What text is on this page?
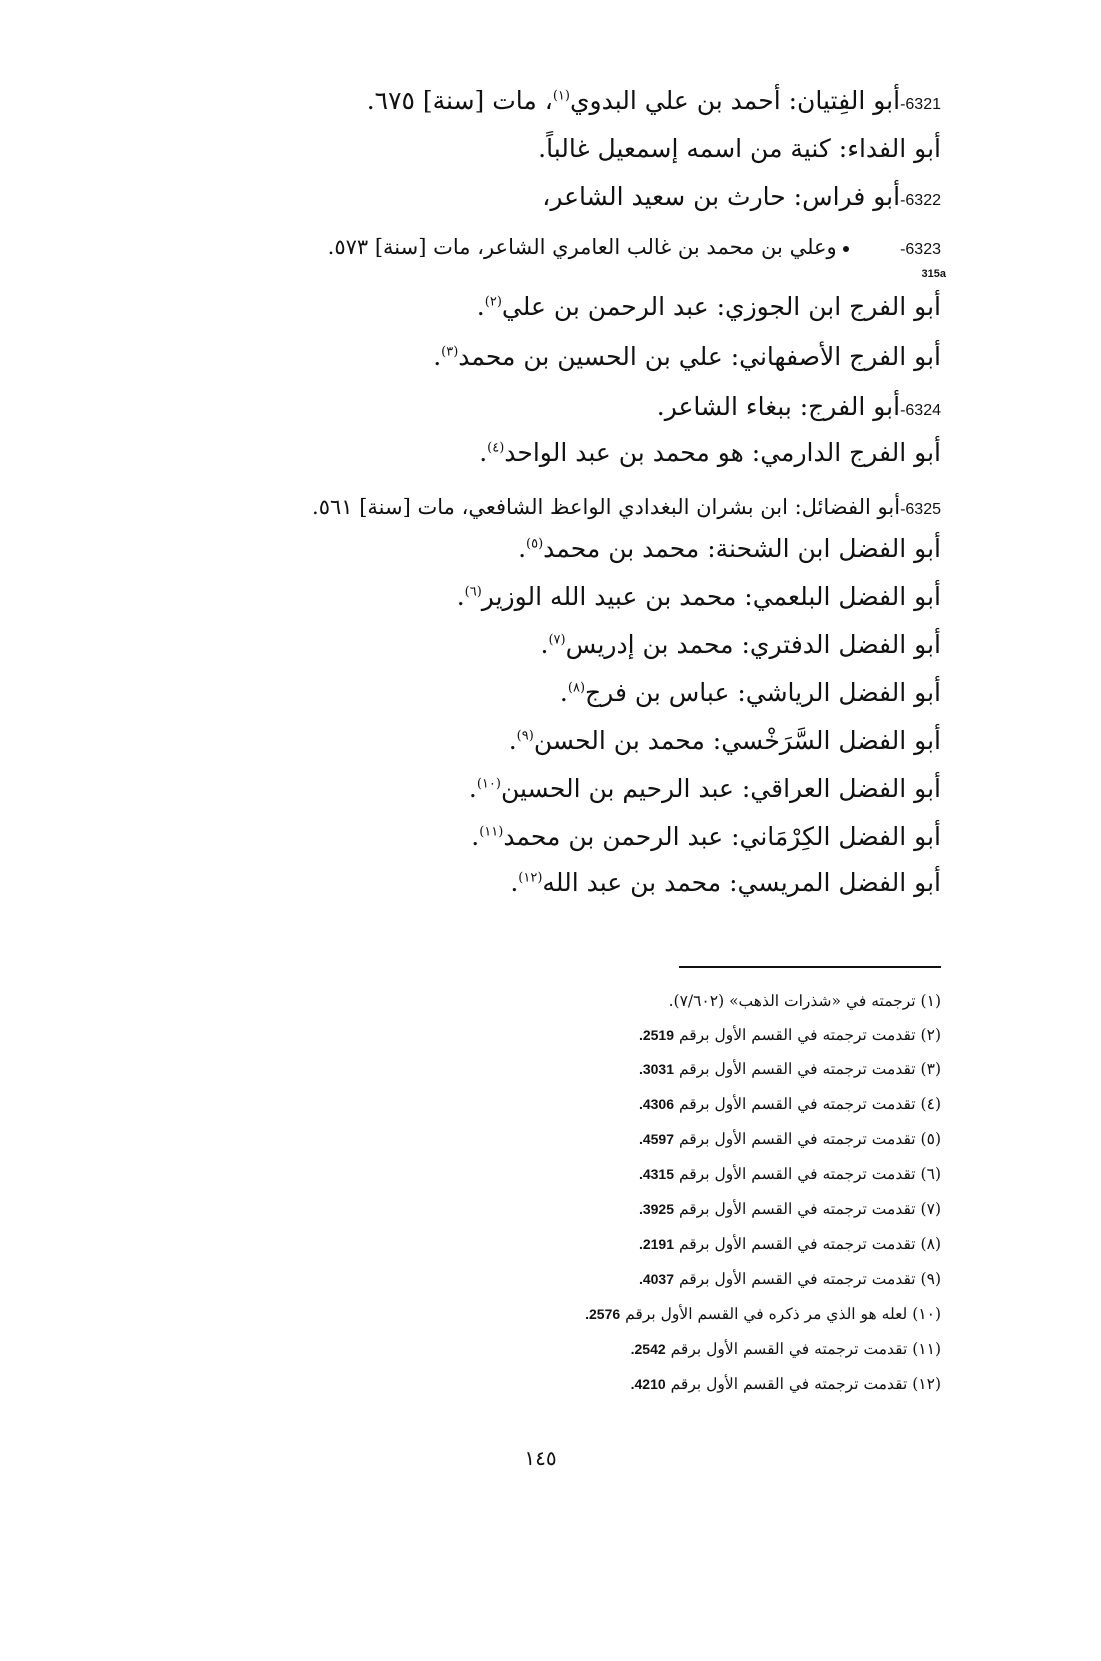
6321-أبو الفِتيان: أحمد بن علي البدوي$^{(١)}$، مات [سنة] ٦٧٥.
أبو الفداء: كنية من اسمه إسمعيل غالباً.
6322-أبو فراس: حارث بن سعيد الشاعر،
6323-  وعلي بن محمد بن غالب العامري الشاعر، مات [سنة] ٥٧٣.
315a
أبو الفرج ابن الجوزي: عبد الرحمن بن علي$^{(٢)}$.
أبو الفرج الأصفهاني: علي بن الحسين بن محمد$^{(٣)}$.
6324-أبو الفرج: ببغاء الشاعر.
أبو الفرج الدارمي: هو محمد بن عبد الواحد$^{(٤)}$.
6325-أبو الفضائل: ابن بشران البغدادي الواعظ الشافعي، مات [سنة] ٥٦١.
أبو الفضل ابن الشحنة: محمد بن محمد$^{(٥)}$.
أبو الفضل البلعمي: محمد بن عبيد الله الوزير$^{(٦)}$.
أبو الفضل الدفتري: محمد بن إدريس$^{(٧)}$.
أبو الفضل الرياشي: عباس بن فرج$^{(٨)}$.
أبو الفضل السَّرَخْسي: محمد بن الحسن$^{(٩)}$.
أبو الفضل العراقي: عبد الرحيم بن الحسين$^{(١٠)}$.
أبو الفضل الكِرْمَاني: عبد الرحمن بن محمد$^{(١١)}$.
أبو الفضل المريسي: محمد بن عبد الله$^{(١٢)}$.
(١) ترجمته في «شذرات الذهب» (٧/٦٠٢).
(٢) تقدمت ترجمته في القسم الأول برقم 2519.
(٣) تقدمت ترجمته في القسم الأول برقم 3031.
(٤) تقدمت ترجمته في القسم الأول برقم 4306.
(٥) تقدمت ترجمته في القسم الأول برقم 4597.
(٦) تقدمت ترجمته في القسم الأول برقم 4315.
(٧) تقدمت ترجمته في القسم الأول برقم 3925.
(٨) تقدمت ترجمته في القسم الأول برقم 2191.
(٩) تقدمت ترجمته في القسم الأول برقم 4037.
(١٠) لعله هو الذي مر ذكره في القسم الأول برقم 2576.
(١١) تقدمت ترجمته في القسم الأول برقم 2542.
(١٢) تقدمت ترجمته في القسم الأول برقم 4210.
١٤٥
